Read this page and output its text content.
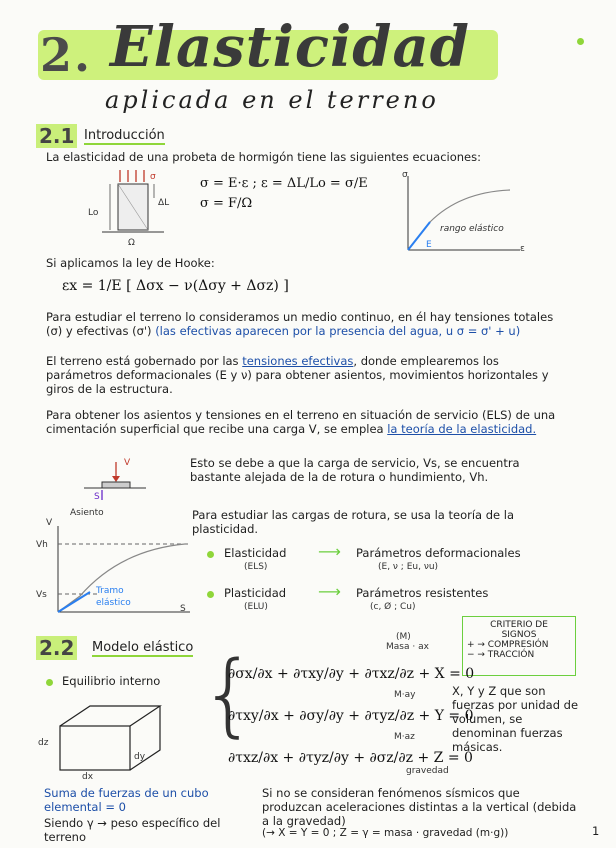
2. Elasticidad
aplicada en el terreno
2.1 Introducción
La elasticidad de una probeta de hormigón tiene las siguientes ecuaciones:
σ
Lo
ΔL
Ω
σ = E·ε ; ε = ΔL/Lo = σ/E
σ = F/Ω
σ
ε
rango elástico
E
Si aplicamos la ley de Hooke:
εx = 1/E [ Δσx − ν(Δσy + Δσz) ]
Para estudiar el terreno lo consideramos un medio continuo, en él hay tensiones totales (σ) y efectivas (σ') (las efectivas aparecen por la presencia del agua, u σ = σ' + u)
El terreno está gobernado por las tensiones efectivas, donde emplearemos los parámetros deformacionales (E y ν) para obtener asientos, movimientos horizontales y giros de la estructura.
Para obtener los asientos y tensiones en el terreno en situación de servicio (ELS) de una cimentación superficial que recibe una carga V, se emplea la teoría de la elasticidad.
V
S
Asiento
Esto se debe a que la carga de servicio, Vs, se encuentra bastante alejada de la de rotura o hundimiento, Vh.
Para estudiar las cargas de rotura, se usa la teoría de la plasticidad.
V
S
Vh
Vs	Tramo
elástico
Elasticidad
(ELS)
⟶ Parámetros deformacionales
(E, ν ; Eu, νu)
Plasticidad
(ELU)
⟶ Parámetros resistentes
(c, Ø ; Cu)
2.2 Modelo elástico
(M)
Masa · ax
CRITERIO DE
SIGNOS
+ → COMPRESIÓN
− → TRACCIÓN
Equilibrio interno {
∂σx/∂x + ∂τxy/∂y + ∂τxz/∂z + X = 0
∂τxy/∂x + ∂σy/∂y + ∂τyz/∂z + Y = 0
∂τxz/∂x + ∂τyz/∂y + ∂σz/∂z + Z = 0
M·ay
M·az
gravedad
X, Y y Z que son fuerzas por unidad de volumen, se denominan fuerzas másicas.
dz
dx
dy
Suma de fuerzas de un cubo elemental = 0
Siendo γ → peso específico del terreno
Si no se consideran fenómenos sísmicos que produzcan aceleraciones distintas a la vertical (debida a la gravedad)
(→ X = Y = 0 ; Z = γ = masa · gravedad (m·g))	1
